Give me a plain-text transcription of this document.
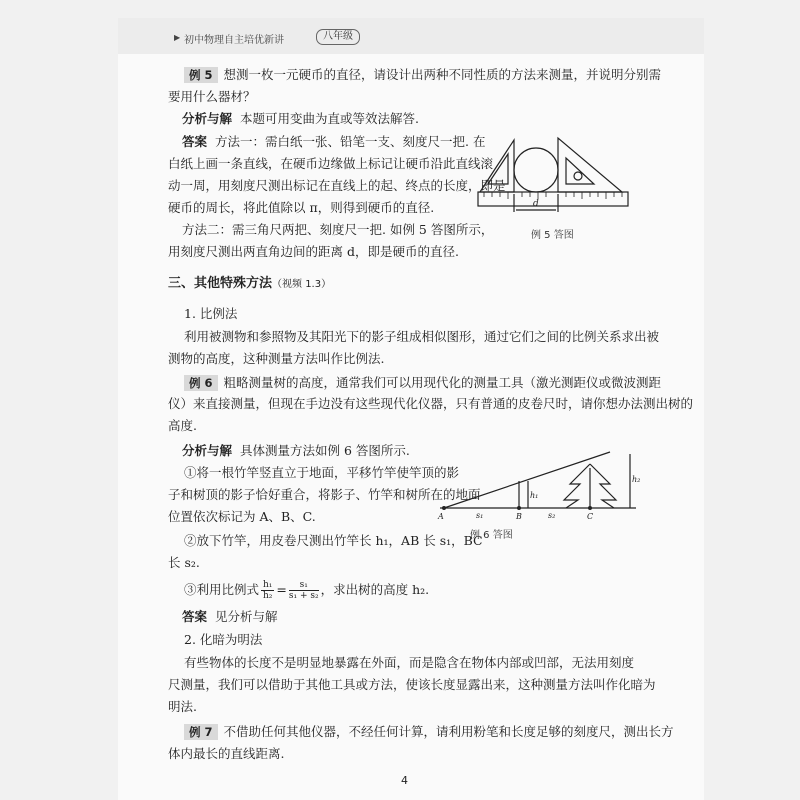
▶ 初中物理自主培优新讲	八年级
例 5 想测一枚一元硬币的直径，请设计出两种不同性质的方法来测量，并说明分别需
要用什么器材？
分析与解 本题可用变曲为直或等效法解答.
答案 方法一：需白纸一张、铅笔一支、刻度尺一把. 在
白纸上画一条直线，在硬币边缘做上标记让硬币沿此直线滚
动一周，用刻度尺测出标记在直线上的起、终点的长度，即是
硬币的周长，将此值除以 π，则得到硬币的直径.
方法二：需三角尺两把、刻度尺一把. 如例 5 答图所示，
用刻度尺测出两直角边间的距离 d，即是硬币的直径.
d
例 5 答图
三、其他特殊方法（视频 1.3）
1. 比例法
利用被测物和参照物及其阳光下的影子组成相似图形，通过它们之间的比例关系求出被
测物的高度，这种测量方法叫作比例法.
例 6 粗略测量树的高度，通常我们可以用现代化的测量工具（激光测距仪或微波测距
仪）来直接测量，但现在手边没有这些现代化仪器，只有普通的皮卷尺时，请你想办法测出树的
高度.
分析与解 具体测量方法如例 6 答图所示.
①将一根竹竿竖直立于地面，平移竹竿使竿顶的影
子和树顶的影子恰好重合，将影子、竹竿和树所在的地面
位置依次标记为 A、B、C.
②放下竹竿，用皮卷尺测出竹竿长 h₁，AB 长 s₁，BC
长 s₂.
③利用比例式 $\frac{\text{h₁}}{\text{h₂}} = \frac{\text{s₁}}{\text{s₁ + s₂}}$ ，求出树的高度 h₂.
答案 见分析与解
A	B	C
s₁	s₂
h₁
h₂
例 6 答图
2. 化暗为明法
有些物体的长度不是明显地暴露在外面，而是隐含在物体内部或凹部，无法用刻度
尺测量，我们可以借助于其他工具或方法，使该长度显露出来，这种测量方法叫作化暗为
明法.
例 7 不借助任何其他仪器，不经任何计算，请利用粉笔和长度足够的刻度尺，测出长方
体内最长的直线距离.
4
